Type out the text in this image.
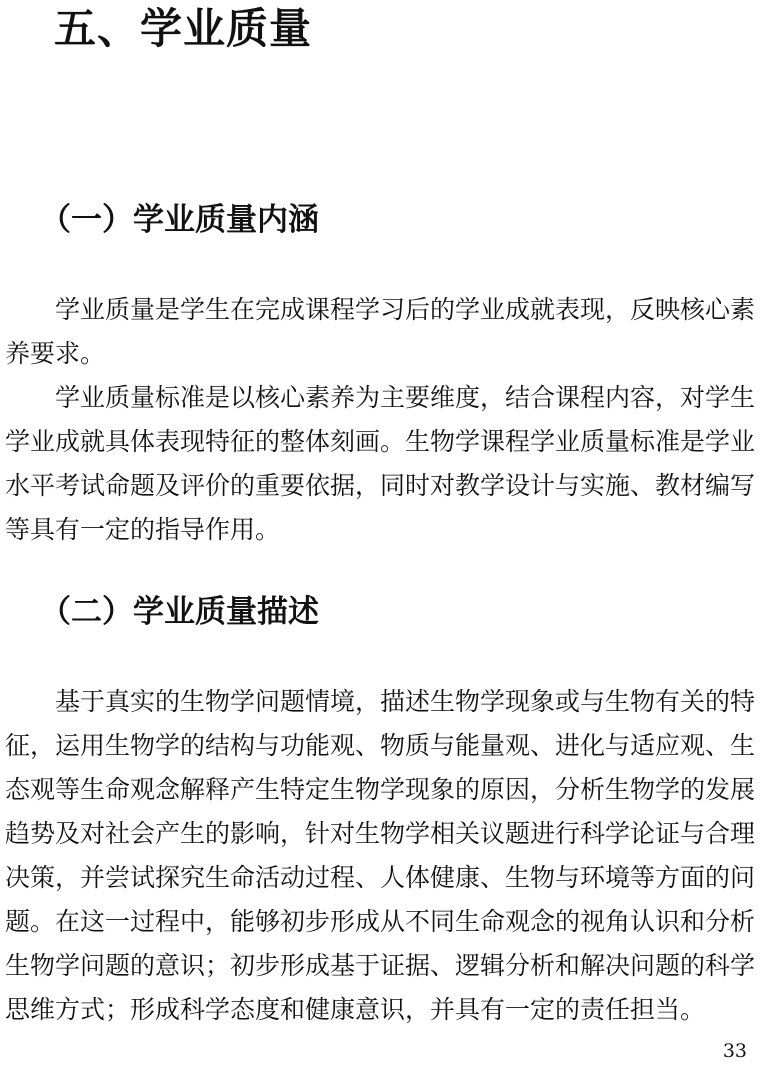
五、学业质量
（一）学业质量内涵

学业质量是学生在完成课程学习后的学业成就表现，反映核心素养要求。

学业质量标准是以核心素养为主要维度，结合课程内容，对学生学业成就具体表现特征的整体刻画。生物学课程学业质量标准是学业水平考试命题及评价的重要依据，同时对教学设计与实施、教材编写等具有一定的指导作用。

（二）学业质量描述

基于真实的生物学问题情境，描述生物学现象或与生物有关的特征，运用生物学的结构与功能观、物质与能量观、进化与适应观、生态观等生命观念解释产生特定生物学现象的原因，分析生物学的发展趋势及对社会产生的影响，针对生物学相关议题进行科学论证与合理决策，并尝试探究生命活动过程、人体健康、生物与环境等方面的问题。在这一过程中，能够初步形成从不同生命观念的视角认识和分析生物学问题的意识；初步形成基于证据、逻辑分析和解决问题的科学思维方式；形成科学态度和健康意识，并具有一定的责任担当。

33
